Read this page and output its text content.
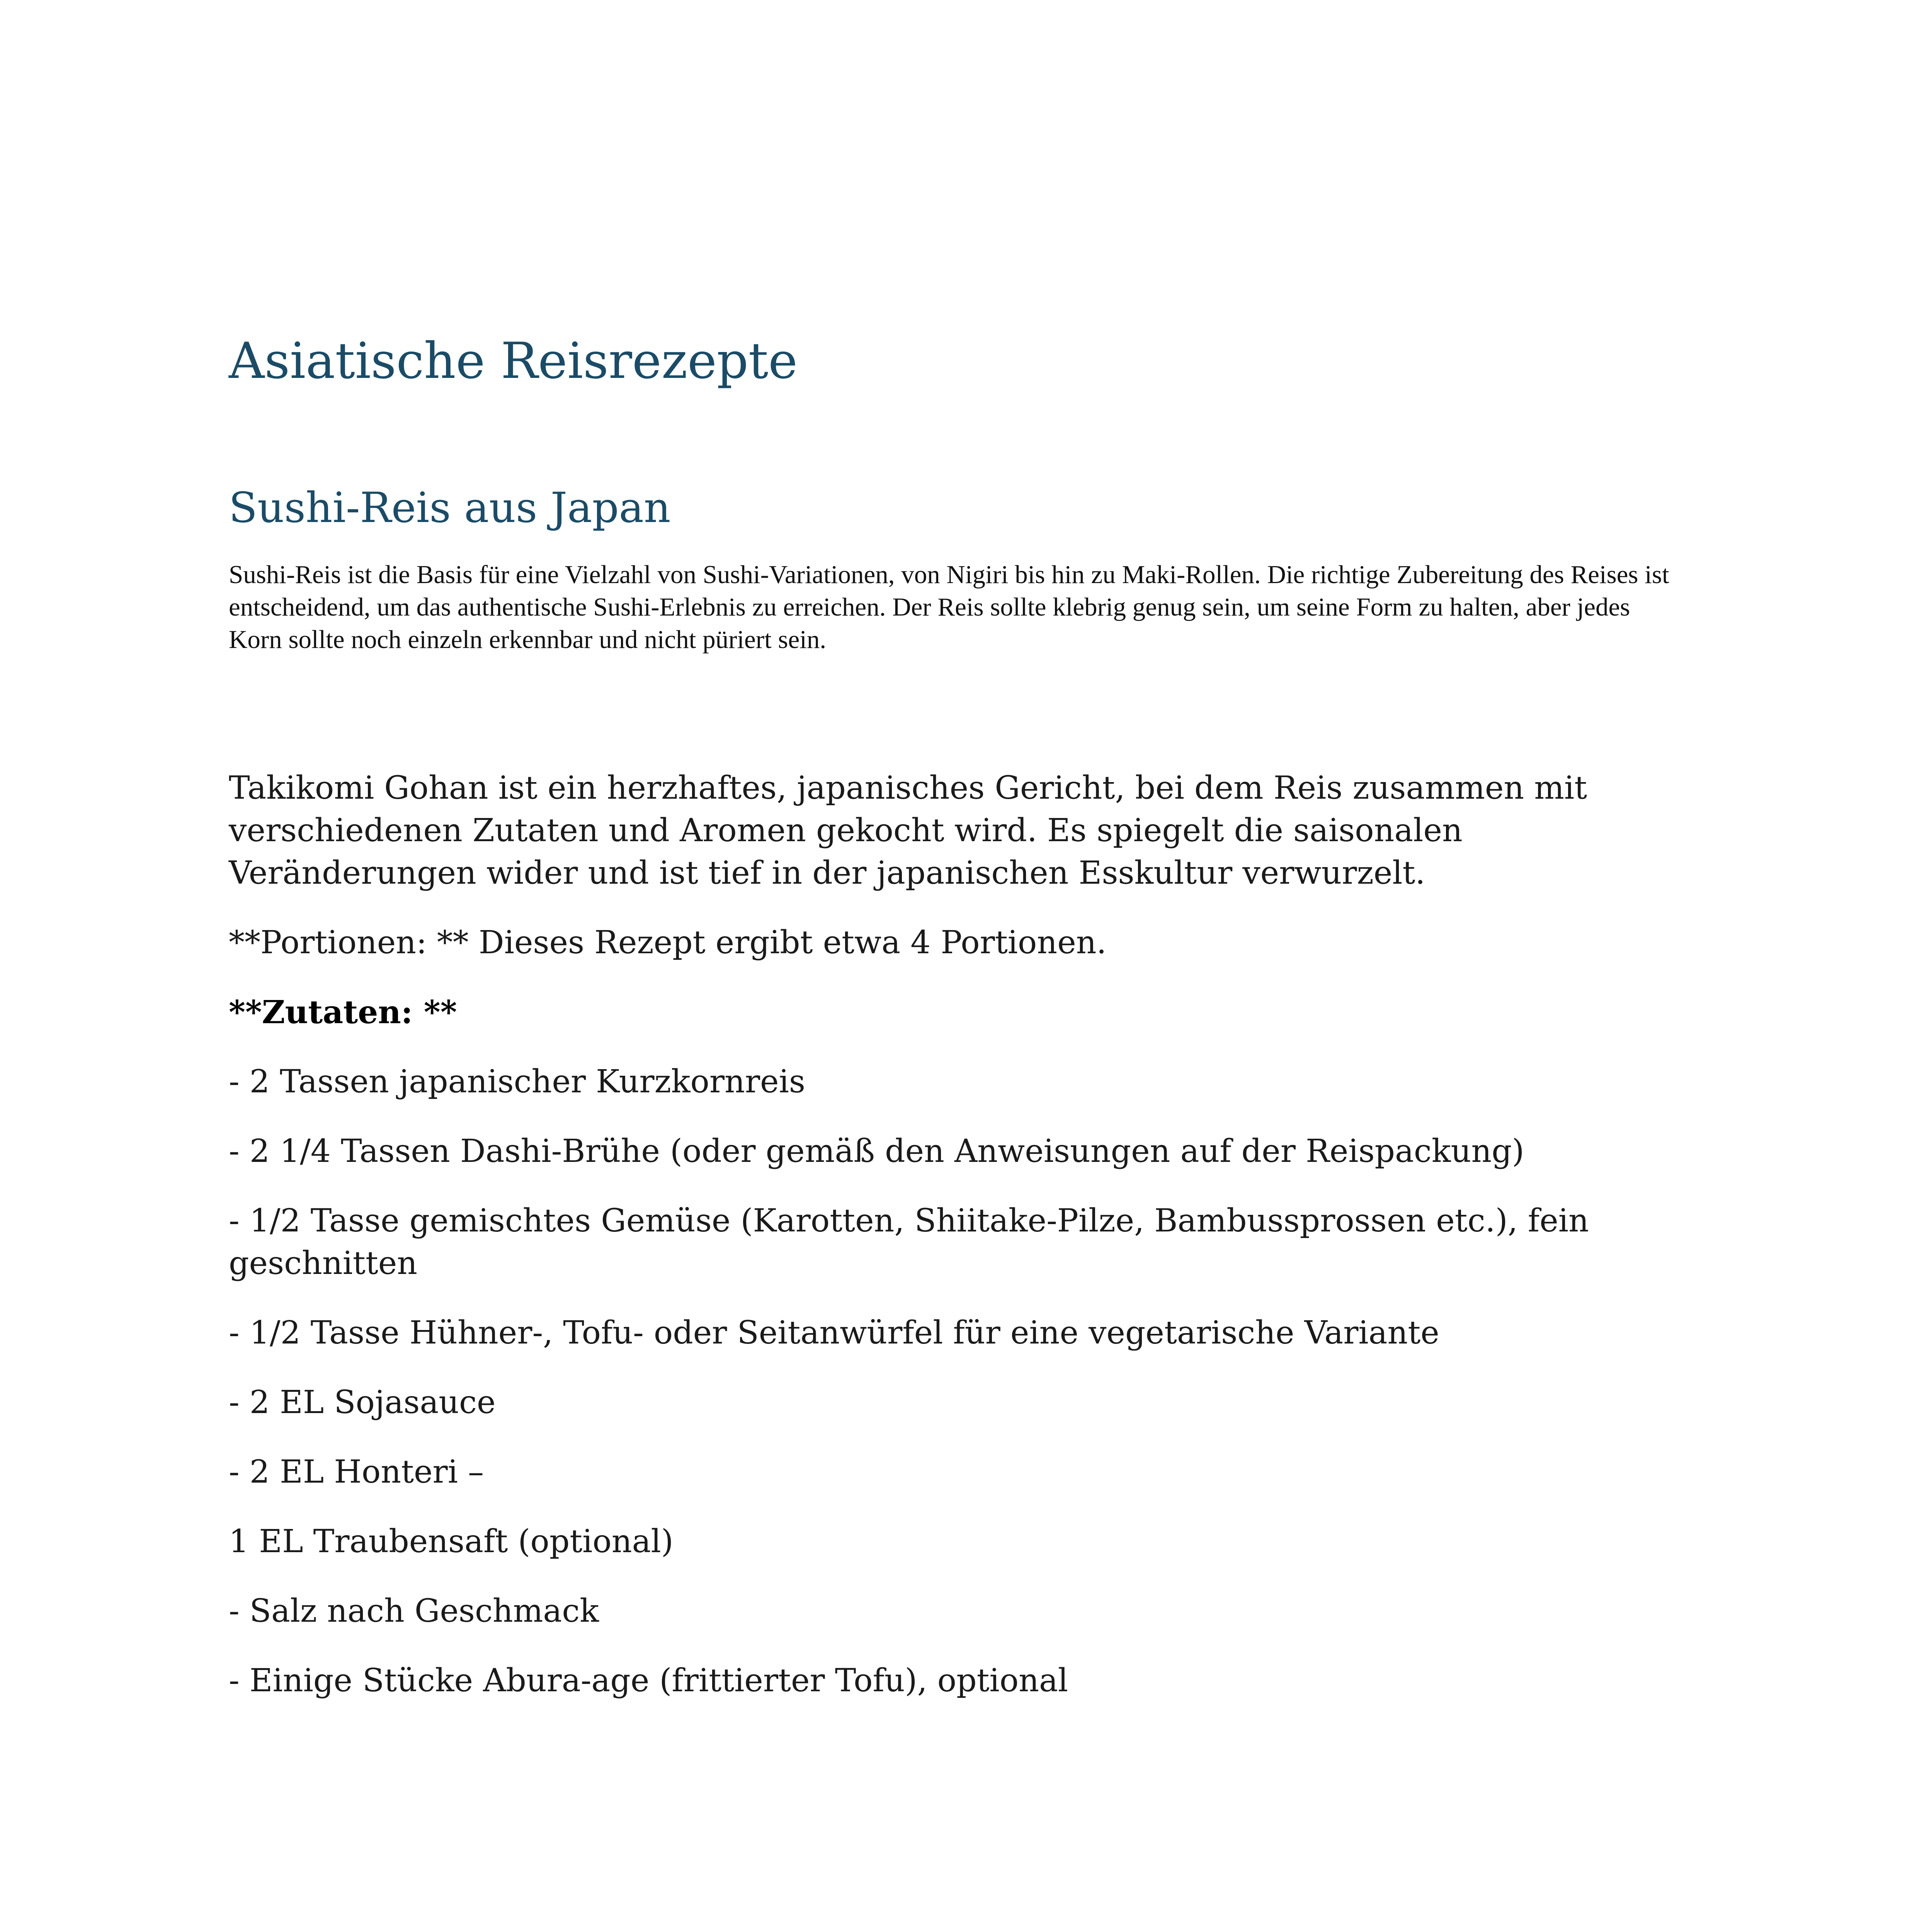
Asiatische Reisrezepte
Sushi-Reis aus Japan

Sushi-Reis ist die Basis für eine Vielzahl von Sushi-Variationen, von Nigiri bis hin zu Maki-Rollen. Die richtige Zubereitung des Reises ist entscheidend, um das authentische Sushi-Erlebnis zu erreichen. Der Reis sollte klebrig genug sein, um seine Form zu halten, aber jedes Korn sollte noch einzeln erkennbar und nicht püriert sein.

Takikomi Gohan ist ein herzhaftes, japanisches Gericht, bei dem Reis zusammen mit verschiedenen Zutaten und Aromen gekocht wird. Es spiegelt die saisonalen Veränderungen wider und ist tief in der japanischen Esskultur verwurzelt.

**Portionen: ** Dieses Rezept ergibt etwa 4 Portionen.

**Zutaten: **

- 2 Tassen japanischer Kurzkornreis

- 2 1/4 Tassen Dashi-Brühe (oder gemäß den Anweisungen auf der Reispackung)

- 1/2 Tasse gemischtes Gemüse (Karotten, Shiitake-Pilze, Bambussprossen etc.), fein geschnitten

- 1/2 Tasse Hühner-, Tofu- oder Seitanwürfel für eine vegetarische Variante

- 2 EL Sojasauce

- 2 EL Honteri –

1 EL Traubensaft (optional)

- Salz nach Geschmack

- Einige Stücke Abura-age (frittierter Tofu), optional
